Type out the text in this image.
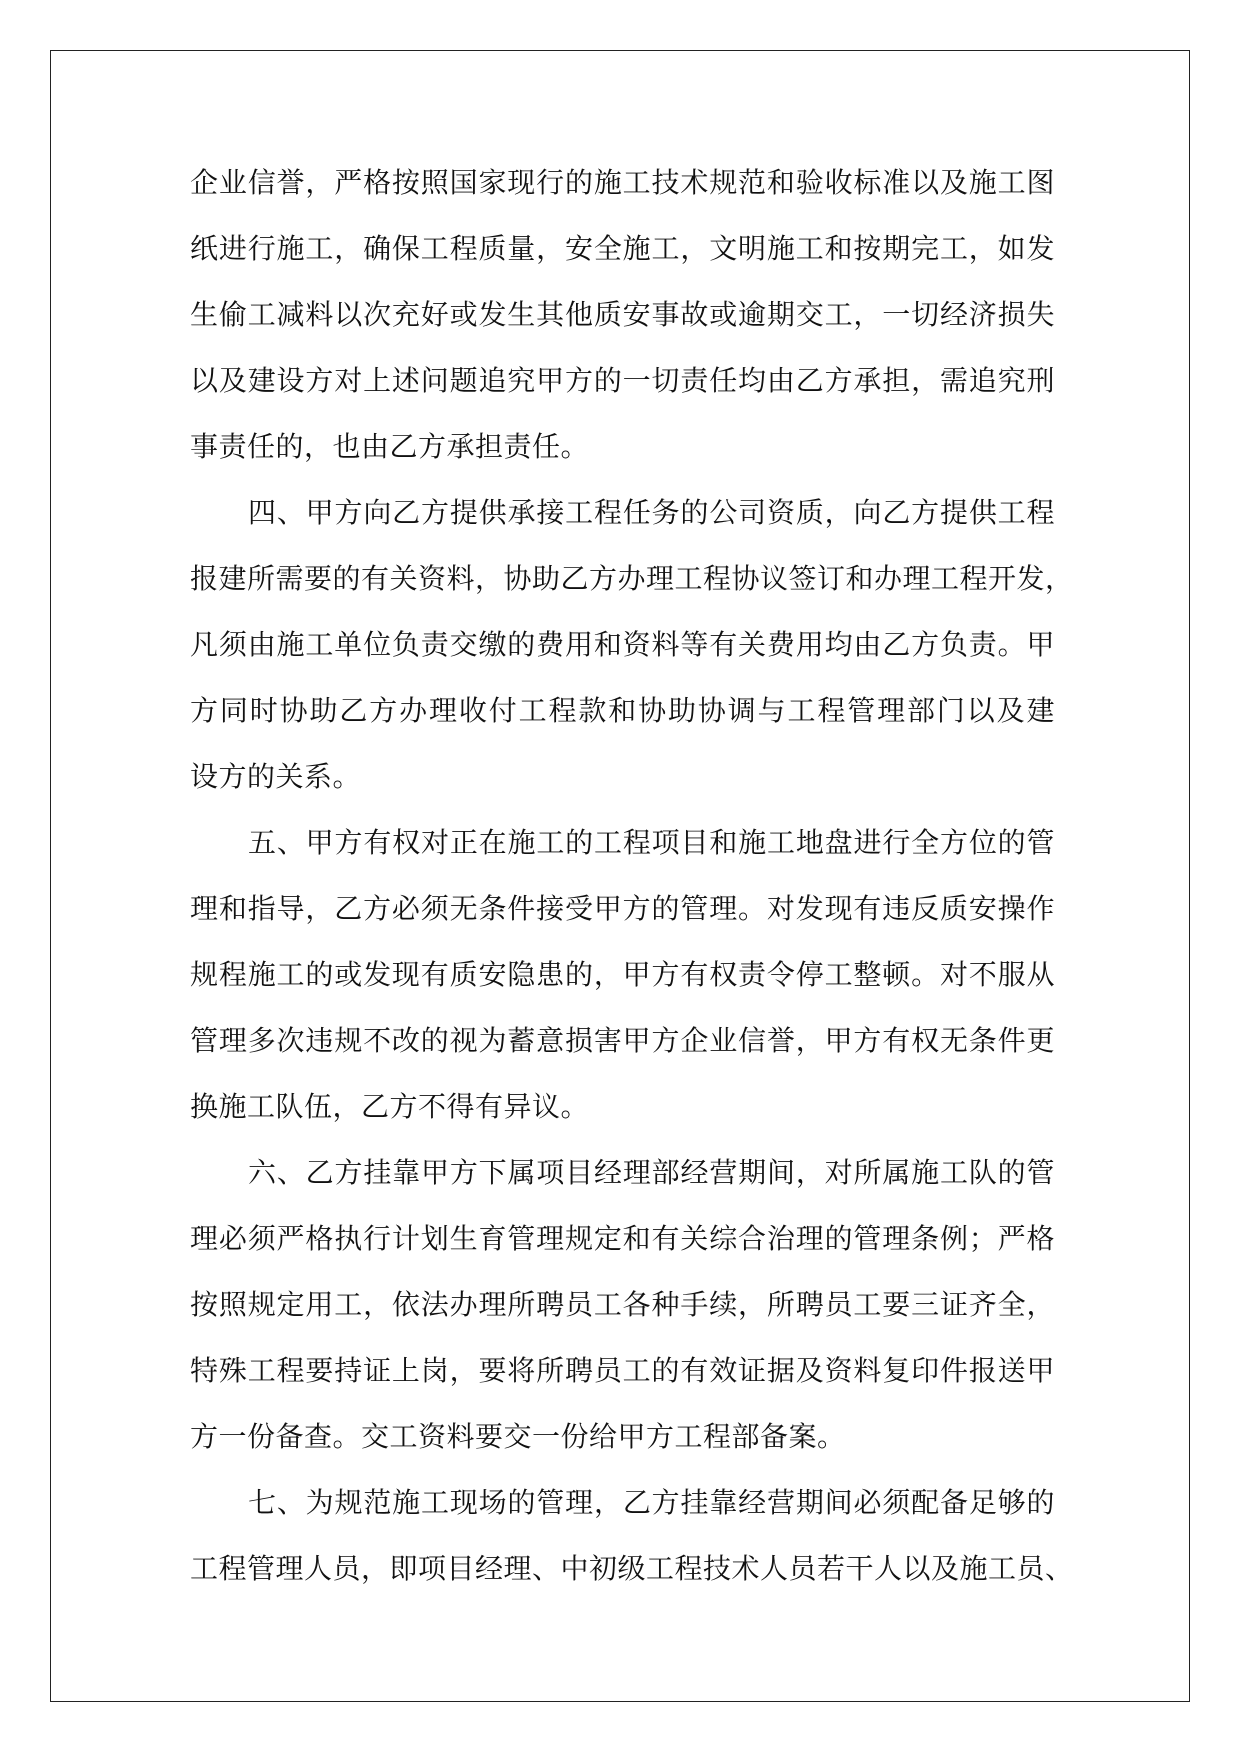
企业信誉，严格按照国家现行的施工技术规范和验收标准以及施工图
纸进行施工，确保工程质量，安全施工，文明施工和按期完工，如发
生偷工减料以次充好或发生其他质安事故或逾期交工，一切经济损失
以及建设方对上述问题追究甲方的一切责任均由乙方承担，需追究刑
事责任的，也由乙方承担责任。
四、甲方向乙方提供承接工程任务的公司资质，向乙方提供工程
报建所需要的有关资料，协助乙方办理工程协议签订和办理工程开发，
凡须由施工单位负责交缴的费用和资料等有关费用均由乙方负责。甲
方同时协助乙方办理收付工程款和协助协调与工程管理部门以及建
设方的关系。
五、甲方有权对正在施工的工程项目和施工地盘进行全方位的管
理和指导，乙方必须无条件接受甲方的管理。对发现有违反质安操作
规程施工的或发现有质安隐患的，甲方有权责令停工整顿。对不服从
管理多次违规不改的视为蓄意损害甲方企业信誉，甲方有权无条件更
换施工队伍，乙方不得有异议。
六、乙方挂靠甲方下属项目经理部经营期间，对所属施工队的管
理必须严格执行计划生育管理规定和有关综合治理的管理条例；严格
按照规定用工，依法办理所聘员工各种手续，所聘员工要三证齐全，
特殊工程要持证上岗，要将所聘员工的有效证据及资料复印件报送甲
方一份备查。交工资料要交一份给甲方工程部备案。
七、为规范施工现场的管理，乙方挂靠经营期间必须配备足够的
工程管理人员，即项目经理、中初级工程技术人员若干人以及施工员、
